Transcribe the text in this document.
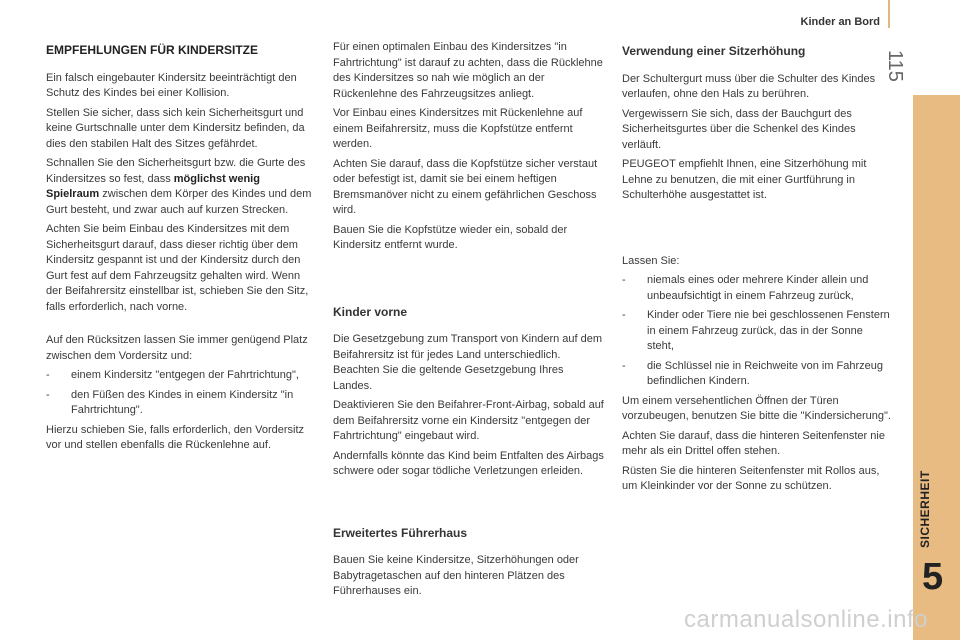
Kinder an Bord
115
SICHERHEIT
5
EMPFEHLUNGEN FÜR KINDERSITZE

Ein falsch eingebauter Kindersitz beeinträchtigt den Schutz des Kindes bei einer Kollision.

Stellen Sie sicher, dass sich kein Sicherheitsgurt und keine Gurtschnalle unter dem Kindersitz befinden, da dies den stabilen Halt des Sitzes gefährdet.

Schnallen Sie den Sicherheitsgurt bzw. die Gurte des Kindersitzes so fest, dass möglichst wenig Spielraum zwischen dem Körper des Kindes und dem Gurt besteht, und zwar auch auf kurzen Strecken.

Achten Sie beim Einbau des Kindersitzes mit dem Sicherheitsgurt darauf, dass dieser richtig über dem Kindersitz gespannt ist und der Kindersitz durch den Gurt fest auf dem Fahrzeugsitz gehalten wird. Wenn der Beifahrersitz einstellbar ist, schieben Sie den Sitz, falls erforderlich, nach vorne.

Auf den Rücksitzen lassen Sie immer genügend Platz zwischen dem Vordersitz und:

- einem Kindersitz "entgegen der Fahrtrichtung",
- den Füßen des Kindes in einem Kindersitz "in Fahrtrichtung".

Hierzu schieben Sie, falls erforderlich, den Vordersitz vor und stellen ebenfalls die Rückenlehne auf.

Für einen optimalen Einbau des Kindersitzes "in Fahrtrichtung" ist darauf zu achten, dass die Rücklehne des Kindersitzes so nah wie möglich an der Rückenlehne des Fahrzeugsitzes anliegt.

Vor Einbau eines Kindersitzes mit Rückenlehne auf einem Beifahrersitz, muss die Kopfstütze entfernt werden.

Achten Sie darauf, dass die Kopfstütze sicher verstaut oder befestigt ist, damit sie bei einem heftigen Bremsmanöver nicht zu einem gefährlichen Geschoss wird.

Bauen Sie die Kopfstütze wieder ein, sobald der Kindersitz entfernt wurde.

Kinder vorne

Die Gesetzgebung zum Transport von Kindern auf dem Beifahrersitz ist für jedes Land unterschiedlich. Beachten Sie die geltende Gesetzgebung Ihres Landes.

Deaktivieren Sie den Beifahrer-Front-Airbag, sobald auf dem Beifahrersitz vorne ein Kindersitz "entgegen der Fahrtrichtung" eingebaut wird.

Andernfalls könnte das Kind beim Entfalten des Airbags schwere oder sogar tödliche Verletzungen erleiden.

Erweitertes Führerhaus

Bauen Sie keine Kindersitze, Sitzerhöhungen oder Babytragetaschen auf den hinteren Plätzen des Führerhauses ein.

Verwendung einer Sitzerhöhung

Der Schultergurt muss über die Schulter des Kindes verlaufen, ohne den Hals zu berühren.

Vergewissern Sie sich, dass der Bauchgurt des Sicherheitsgurtes über die Schenkel des Kindes verläuft.

PEUGEOT empfiehlt Ihnen, eine Sitzerhöhung mit Lehne zu benutzen, die mit einer Gurtführung in Schulterhöhe ausgestattet ist.

Lassen Sie:

- niemals eines oder mehrere Kinder allein und unbeaufsichtigt in einem Fahrzeug zurück,
- Kinder oder Tiere nie bei geschlossenen Fenstern in einem Fahrzeug zurück, das in der Sonne steht,
- die Schlüssel nie in Reichweite von im Fahrzeug befindlichen Kindern.

Um einem versehentlichen Öffnen der Türen vorzubeugen, benutzen Sie bitte die "Kindersicherung".

Achten Sie darauf, dass die hinteren Seitenfenster nie mehr als ein Drittel offen stehen.

Rüsten Sie die hinteren Seitenfenster mit Rollos aus, um Kleinkinder vor der Sonne zu schützen.

carmanualsonline.info
